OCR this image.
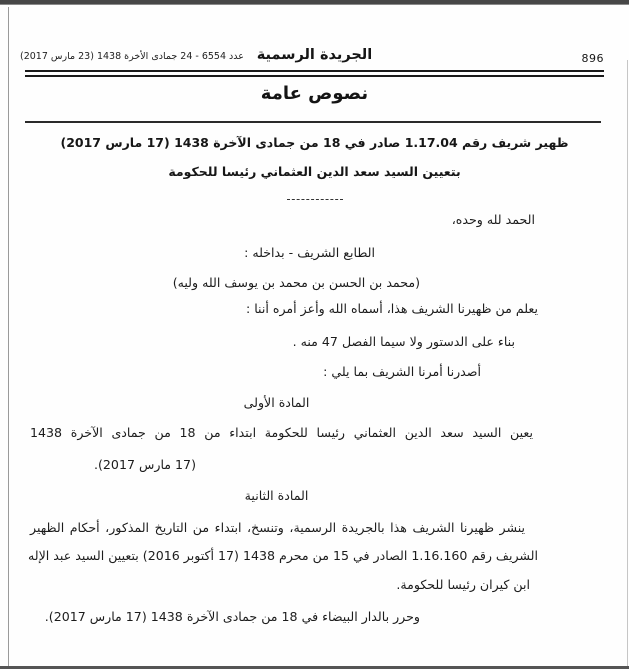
عدد 6554 - 24 جمادى الأخرة 1438 (23 مارس 2017) الجريدة الرسمية	896
نصوص عامة
ظهير شريف رقم 1.17.04 صادر في 18 من جمادى الآخرة 1438 (17 مارس 2017)
بتعيين السيد سعد الدين العثماني رئيسا للحكومة
الحمد لله وحده،
الطابع الشريف - بداخله :
(محمد بن الحسن بن محمد بن يوسف الله وليه)
يعلم من ظهيرنا الشريف هذا، أسماه الله وأعز أمره أننا :
بناء على الدستور ولا سيما الفصل 47 منه .
أصدرنا أمرنا الشريف بما يلي :
المادة الأولى
يعين السيد سعد الدين العثماني رئيسا للحكومة ابتداء من 18 من جمادى الآخرة 1438
(17 مارس 2017).
المادة الثانية
ينشر ظهيرنا الشريف هذا بالجريدة الرسمية، وتنسخ، ابتداء من التاريخ المذكور، أحكام الظهير
الشريف رقم 1.16.160 الصادر في 15 من محرم 1438 (17 أكتوبر 2016) بتعيين السيد عبد الإله
ابن كيران رئيسا للحكومة.
وحرر بالدار البيضاء في 18 من جمادى الآخرة 1438 (17 مارس 2017).
